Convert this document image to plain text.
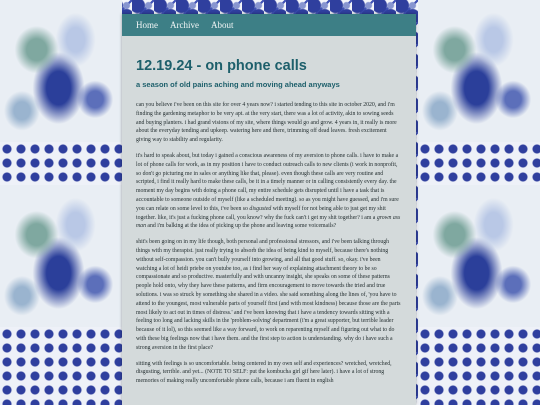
Home Archive About
12.19.24 - on phone calls
a season of old pains aching and moving ahead anyways

can you believe i've been on this site for over 4 years now? i started tending to this site in october 2020, and i'm finding the gardening metaphor to be very apt. at the very start, there was a lot of activity, akin to sowing seeds and buying planters. i had grand visions of my site, where things would go and grow. 4 years in, it really is more about the everyday tending and upkeep. watering here and there, trimming off dead leaves. fresh excitement giving way to stability and regularity.

it's hard to speak about, but today i gained a conscious awareness of my aversion to phone calls. i have to make a lot of phone calls for work, as in my position i have to conduct outreach calls to new clients (i work in nonprofit, so don't go picturing me in sales or anything like that, please). even though these calls are very routine and scripted, i find it really hard to make these calls, be it in a timely manner or in calling consistently every day. the moment my day begins with doing a phone call, my entire schedule gets disrupted until i have a task that is accountable to someone outside of myself (like a scheduled meeting). so as you might have guessed, and i'm sure you can relate on some level to this, i've been so disgusted with myself for not being able to just get my shit together. like, it's just a fucking phone call, you know? why the fuck can't i get my shit together? i am a grown ass man and i'm balking at the idea of picking up the phone and leaving some voicemails?

shit's been going on in my life though, both personal and professional stressors, and i've been talking through things with my therapist. just really trying to absorb the idea of being kind to myself, because there's nothing without self-compassion. you can't bully yourself into growing, and all that good stuff. so, okay. i've been watching a lot of heidi priebe on youtube too, as i find her way of explaining attachment theory to be so compassionate and so productive. masterfully and with uncanny insight, she speaks on some of these patterns people hold onto, why they have these patterns, and firm encouragement to move towards the tried and true solutions. i was so struck by something she shared in a video. she said something along the lines of, 'you have to attend to the youngest, most vulnerable parts of yourself first (and with most kindness) because those are the parts most likely to act out in times of distress.' and i've been knowing that i have a tendency towards sitting with a feeling too long and lacking skills in the 'problem-solving' department (i'm a great supporter, but terrible leader because of it lol), so this seemed like a way forward, to work on reparenting myself and figuring out what to do with these big feelings now that i have them. and the first step to action is understanding. why do i have such a strong aversion in the first place?

sitting with feelings is so uncomfortable. being centered in my own self and experiences? wretched, wretched, disgusting, terrible. and yet... (NOTE TO SELF: put the kombucha girl gif here later). i have a lot of strong memories of making really uncomfortable phone calls, because i am fluent in english
